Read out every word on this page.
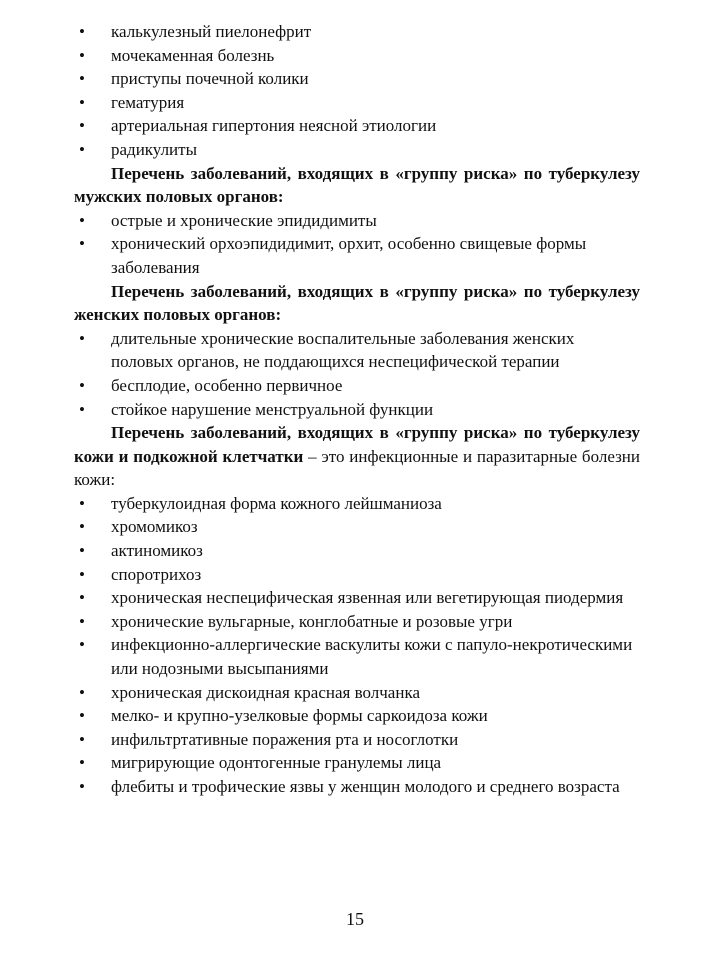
•	калькулезный пиелонефрит
•	мочекаменная болезнь
•	приступы почечной колики
•	гематурия
•	артериальная гипертония неясной этиологии
•	радикулиты

Перечень заболеваний, входящих в «группу риска» по туберкулезу мужских половых органов:

•	острые и хронические эпидидимиты
•	хронический орхоэпидидимит, орхит, особенно свищевые формы заболевания

Перечень заболеваний, входящих в «группу риска» по туберкулезу женских половых органов:

•	длительные хронические воспалительные заболевания женских половых органов, не поддающихся неспецифической терапии
•	бесплодие, особенно первичное
•	стойкое нарушение менструальной функции

Перечень заболеваний, входящих в «группу риска» по туберкулезу кожи и подкожной клетчатки – это инфекционные и паразитарные болезни кожи:

•	туберкулоидная форма кожного лейшманиоза
•	хромомикоз
•	актиномикоз
•	споротрихоз
•	хроническая неспецифическая язвенная или вегетирующая пиодермия
•	хронические вульгарные, конглобатные и розовые угри
•	инфекционно-аллергические васкулиты кожи с папуло-некротическими или нодозными высыпаниями
•	хроническая дискоидная красная волчанка
•	мелко- и крупно-узелковые формы саркоидоза кожи
•	инфильтртативные поражения рта и носоглотки
•	мигрирующие одонтогенные гранулемы лица
•	флебиты и трофические язвы у женщин молодого и среднего возраста
15
